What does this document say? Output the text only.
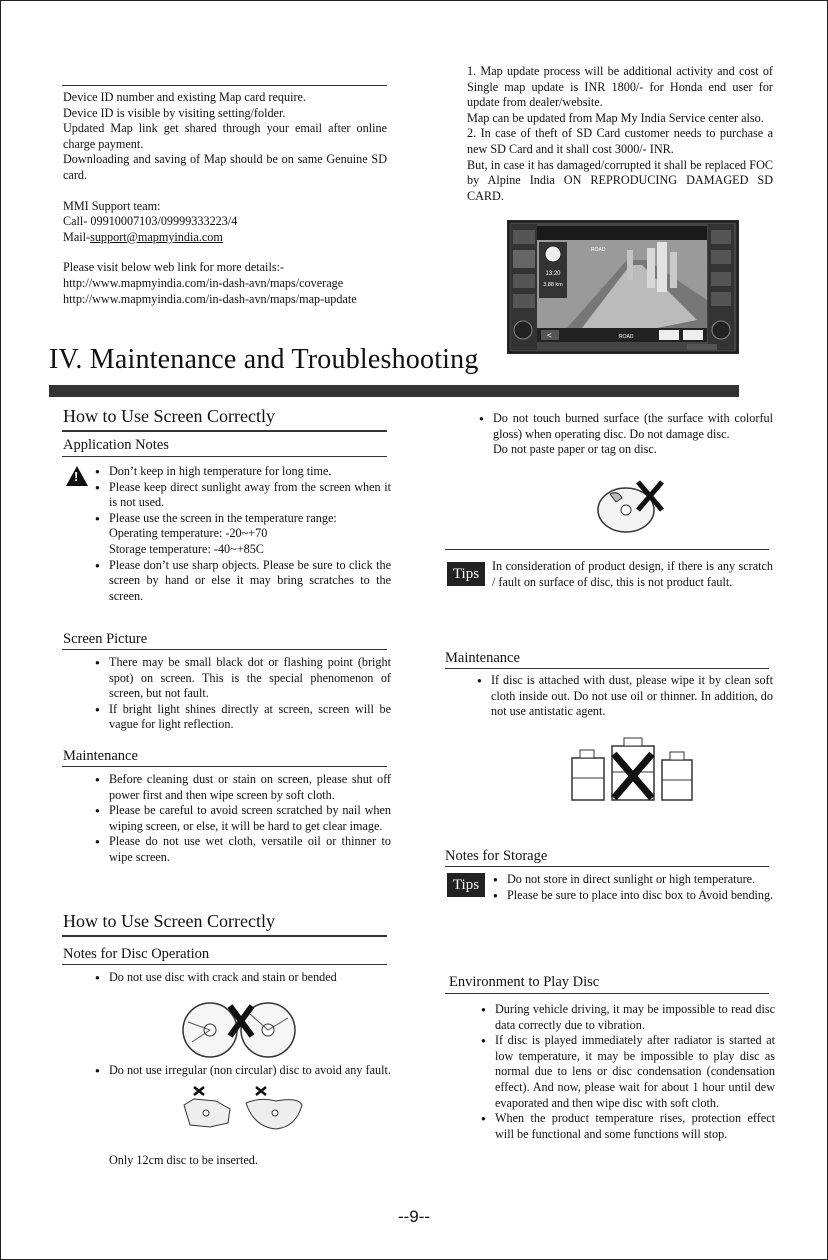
Device ID number and existing Map card require.
Device ID is visible by visiting setting/folder.
Updated Map link get shared through your email after online charge payment.
Downloading and saving of Map should be on same Genuine SD card.
MMI Support team:
Call- 09910007103/09999333223/4
Mail-support@mapmyindia.com
Please visit below web link for more details:-
http://www.mapmyindia.com/in-dash-avn/maps/coverage
http://www.mapmyindia.com/in-dash-avn/maps/map-update
1. Map update process will be additional activity and cost of Single map update is INR 1800/- for Honda end user for update from dealer/website.
Map can be updated from Map My India Service center also.
2. In case of theft of SD Card customer needs to purchase a new SD Card and it shall cost 3000/- INR.
But, in case it has damaged/corrupted it shall be replaced FOC by Alpine India ON REPRODUCING DAMAGED SD CARD.
13:20
3.88 km
ROAD
<	ROAD
IV. Maintenance and Troubleshooting
How to Use Screen Correctly
Application Notes
!	● Don’t keep in high temperature for long time.
● Please keep direct sunlight away from the screen when it is not used.
● Please use the screen in the temperature range:
Operating temperature: -20~+70
Storage temperature: -40~+85C
● Please don’t use sharp objects. Please be sure to click the screen by hand or else it may bring scratches to the screen.
Screen Picture
● There may be small black dot or flashing point (bright spot) on screen. This is the special phenomenon of screen, but not fault.
● If bright light shines directly at screen, screen will be vague for light reflection.
Maintenance
● Before cleaning dust or stain on screen, please shut off power first and then wipe screen by soft cloth.
● Please be careful to avoid screen scratched by nail when wiping screen, or else, it will be hard to get clear image.
● Please do not use wet cloth, versatile oil or thinner to wipe screen.
How to Use Screen Correctly
Notes for Disc Operation
● Do not use disc with crack and stain or bended
● Do not use irregular (non circular) disc to avoid any fault.
Only 12cm disc to be inserted.
● Do not touch burned surface (the surface with colorful gloss) when operating disc. Do not damage disc.
Do not paste paper or tag on disc.
Tips	In consideration of product design, if there is any scratch / fault on surface of disc, this is not product fault.
Maintenance
● If disc is attached with dust, please wipe it by clean soft cloth inside out. Do not use oil or thinner. In addition, do not use antistatic agent.
Notes for Storage
Tips	● Do not store in direct sunlight or high temperature.
● Please be sure to place into disc box to Avoid bending.
Environment to Play Disc
● During vehicle driving, it may be impossible to read disc data correctly due to vibration.
● If disc is played immediately after radiator is started at low temperature, it may be impossible to play disc as normal due to lens or disc condensation (condensation effect). And now, please wait for about 1 hour until dew evaporated and then wipe disc with soft cloth.
● When the product temperature rises, protection effect will be functional and some functions will stop.
--9--
